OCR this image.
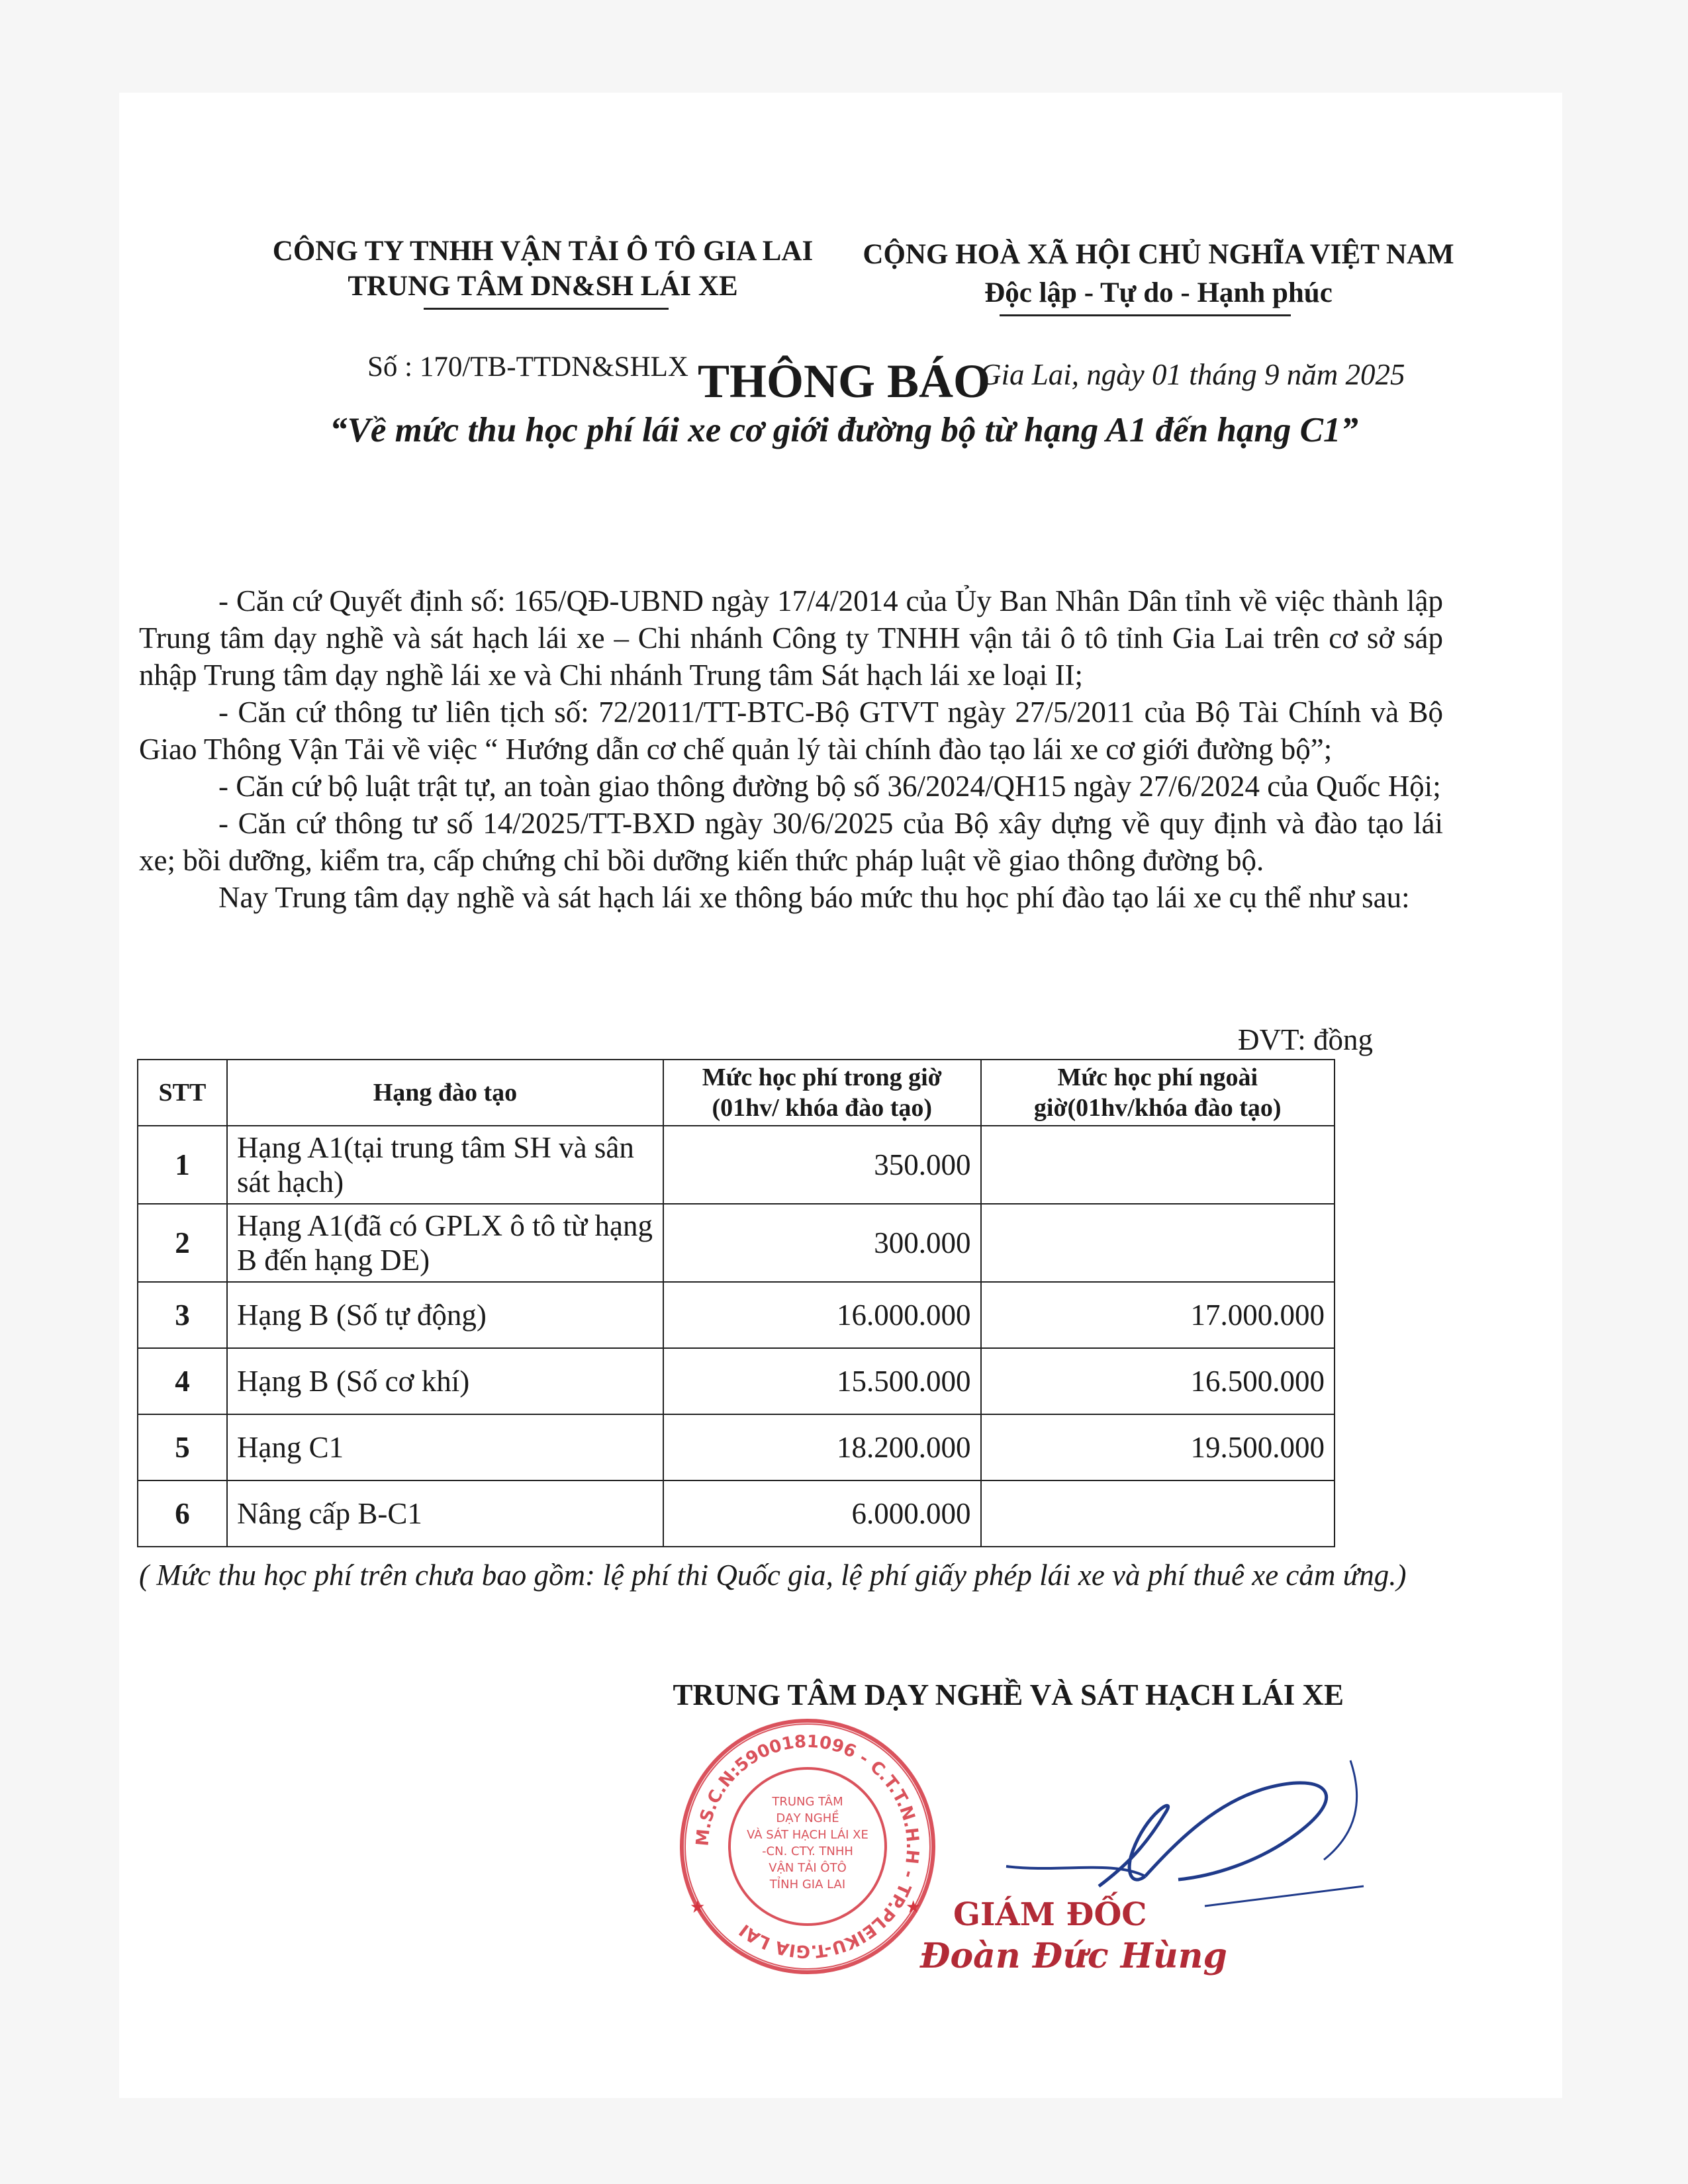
CÔNG TY TNHH VẬN TẢI Ô TÔ GIA LAI
TRUNG TÂM DN&SH LÁI XE
CỘNG HOÀ XÃ HỘI CHỦ NGHĨA VIỆT NAM
Độc lập - Tự do - Hạnh phúc
Số : 170/TB-TTDN&SHLX	Gia Lai, ngày 01 tháng 9 năm 2025
THÔNG BÁO
“Về mức thu học phí lái xe cơ giới đường bộ từ hạng A1 đến hạng C1”

- Căn cứ Quyết định số: 165/QĐ-UBND ngày 17/4/2014 của Ủy Ban Nhân Dân tỉnh về việc thành lập Trung tâm dạy nghề và sát hạch lái xe – Chi nhánh Công ty TNHH vận tải ô tô tỉnh Gia Lai trên cơ sở sáp nhập Trung tâm dạy nghề lái xe và Chi nhánh Trung tâm Sát hạch lái xe loại II;

- Căn cứ thông tư liên tịch số: 72/2011/TT-BTC-Bộ GTVT ngày 27/5/2011 của Bộ Tài Chính và Bộ Giao Thông Vận Tải về việc “ Hướng dẫn cơ chế quản lý tài chính đào tạo lái xe cơ giới đường bộ”;

- Căn cứ bộ luật trật tự, an toàn giao thông đường bộ số 36/2024/QH15 ngày 27/6/2024 của Quốc Hội;

- Căn cứ thông tư số 14/2025/TT-BXD ngày 30/6/2025 của Bộ xây dựng về quy định và đào tạo lái xe; bồi dưỡng, kiểm tra, cấp chứng chỉ bồi dưỡng kiến thức pháp luật về giao thông đường bộ.

Nay Trung tâm dạy nghề và sát hạch lái xe thông báo mức thu học phí đào tạo lái xe cụ thể như sau:

ĐVT: đồng
STT	Hạng đào tạo	Mức học phí trong giờ (01hv/ khóa đào tạo)	Mức học phí ngoài giờ(01hv/khóa đào tạo)
1	Hạng A1(tại trung tâm SH và sân sát hạch)	350.000	
2	Hạng A1(đã có GPLX ô tô từ hạng B đến hạng DE)	300.000	
3	Hạng B (Số tự động)	16.000.000	17.000.000
4	Hạng B (Số cơ khí)	15.500.000	16.500.000
5	Hạng C1	18.200.000	19.500.000
6	Nâng cấp B-C1	6.000.000	
( Mức thu học phí trên chưa bao gồm: lệ phí thi Quốc gia, lệ phí giấy phép lái xe và phí thuê xe cảm ứng.)
TRUNG TÂM DẠY NGHỀ VÀ SÁT HẠCH LÁI XE
M.S.C.N:5900181096 - C.T.T.N.H.H - TP.PLEIKU-T.GIA LAI
TRUNG TÂM
DẠY NGHỀ
VÀ SÁT HẠCH LÁI XE
-CN. CTY. TNHH
VẬN TẢI ÔTÔ
TỈNH GIA LAI
★	★ GIÁM ĐỐC
Đoàn Đức Hùng
